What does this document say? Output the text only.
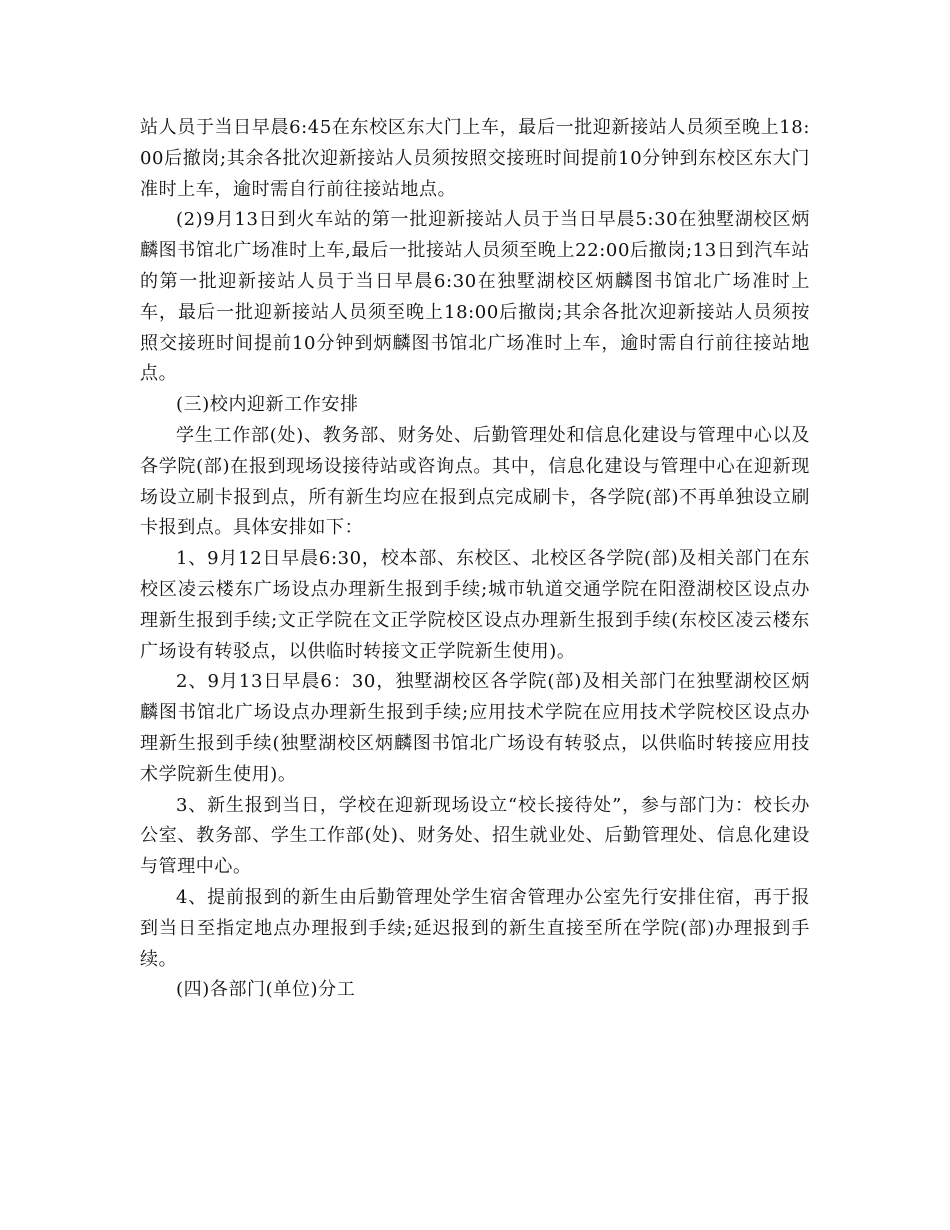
站人员于当日早晨6:45在东校区东大门上车，最后一批迎新接站人员须至晚上18:00后撤岗;其余各批次迎新接站人员须按照交接班时间提前10分钟到东校区东大门准时上车，逾时需自行前往接站地点。

(2)9月13日到火车站的第一批迎新接站人员于当日早晨5:30在独墅湖校区炳麟图书馆北广场准时上车,最后一批接站人员须至晚上22:00后撤岗;13日到汽车站的第一批迎新接站人员于当日早晨6:30在独墅湖校区炳麟图书馆北广场准时上车，最后一批迎新接站人员须至晚上18:00后撤岗;其余各批次迎新接站人员须按照交接班时间提前10分钟到炳麟图书馆北广场准时上车，逾时需自行前往接站地点。

(三)校内迎新工作安排

学生工作部(处)、教务部、财务处、后勤管理处和信息化建设与管理中心以及各学院(部)在报到现场设接待站或咨询点。其中，信息化建设与管理中心在迎新现场设立刷卡报到点，所有新生均应在报到点完成刷卡，各学院(部)不再单独设立刷卡报到点。具体安排如下：

1、9月12日早晨6:30，校本部、东校区、北校区各学院(部)及相关部门在东校区凌云楼东广场设点办理新生报到手续;城市轨道交通学院在阳澄湖校区设点办理新生报到手续;文正学院在文正学院校区设点办理新生报到手续(东校区凌云楼东广场设有转驳点，以供临时转接文正学院新生使用)。

2、9月13日早晨6：30，独墅湖校区各学院(部)及相关部门在独墅湖校区炳麟图书馆北广场设点办理新生报到手续;应用技术学院在应用技术学院校区设点办理新生报到手续(独墅湖校区炳麟图书馆北广场设有转驳点，以供临时转接应用技术学院新生使用)。

3、新生报到当日，学校在迎新现场设立“校长接待处”，参与部门为：校长办公室、教务部、学生工作部(处)、财务处、招生就业处、后勤管理处、信息化建设与管理中心。

4、提前报到的新生由后勤管理处学生宿舍管理办公室先行安排住宿，再于报到当日至指定地点办理报到手续;延迟报到的新生直接至所在学院(部)办理报到手续。

(四)各部门(单位)分工
